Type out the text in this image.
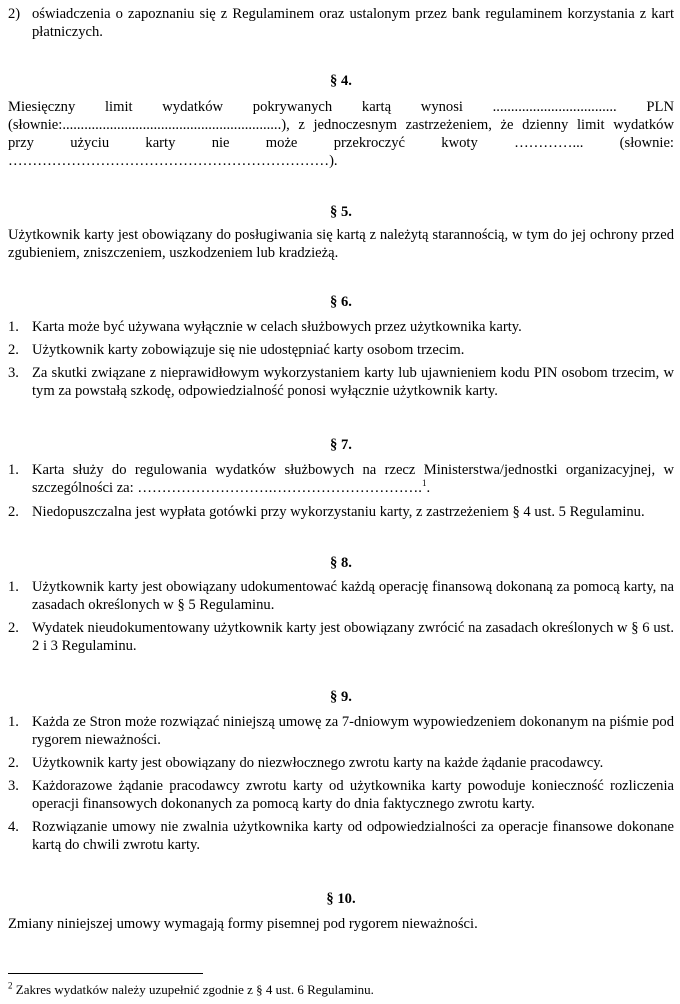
2) oświadczenia o zapoznaniu się z Regulaminem oraz ustalonym przez bank regulaminem korzystania z kart płatniczych.

§ 4.

Miesięczny limit wydatków pokrywanych kartą wynosi .................................. PLN

(słownie:............................................................), z jednoczesnym zastrzeżeniem, że dzienny limit wydatków

przy użyciu karty nie może przekroczyć kwoty …………... (słownie:

…………………………………………………………).

§ 5.

Użytkownik karty jest obowiązany do posługiwania się kartą z należytą starannością, w tym do jej ochrony przed zgubieniem, zniszczeniem, uszkodzeniem lub kradzieżą.

§ 6.

1. Karta może być używana wyłącznie w celach służbowych przez użytkownika karty.
2. Użytkownik karty zobowiązuje się nie udostępniać karty osobom trzecim.
3. Za skutki związane z nieprawidłowym wykorzystaniem karty lub ujawnieniem kodu PIN osobom trzecim, w tym za powstałą szkodę, odpowiedzialność ponosi wyłącznie użytkownik karty.

§ 7.

1. Karta służy do regulowania wydatków służbowych na rzecz Ministerstwa/jednostki organizacyjnej, w szczególności za: ……………………….………………………….$^1$.
2. Niedopuszczalna jest wypłata gotówki przy wykorzystaniu karty, z zastrzeżeniem § 4 ust. 5 Regulaminu.

§ 8.

1. Użytkownik karty jest obowiązany udokumentować każdą operację finansową dokonaną za pomocą karty, na zasadach określonych w § 5 Regulaminu.
2. Wydatek nieudokumentowany użytkownik karty jest obowiązany zwrócić na zasadach określonych w § 6 ust. 2 i 3 Regulaminu.

§ 9.

1. Każda ze Stron może rozwiązać niniejszą umowę za 7-dniowym wypowiedzeniem dokonanym na piśmie pod rygorem nieważności.
2. Użytkownik karty jest obowiązany do niezwłocznego zwrotu karty na każde żądanie pracodawcy.
3. Każdorazowe żądanie pracodawcy zwrotu karty od użytkownika karty powoduje konieczność rozliczenia operacji finansowych dokonanych za pomocą karty do dnia faktycznego zwrotu karty.
4. Rozwiązanie umowy nie zwalnia użytkownika karty od odpowiedzialności za operacje finansowe dokonane kartą do chwili zwrotu karty.

§ 10.

Zmiany niniejszej umowy wymagają formy pisemnej pod rygorem nieważności.

$^2$ Zakres wydatków należy uzupełnić zgodnie z § 4 ust. 6 Regulaminu.
